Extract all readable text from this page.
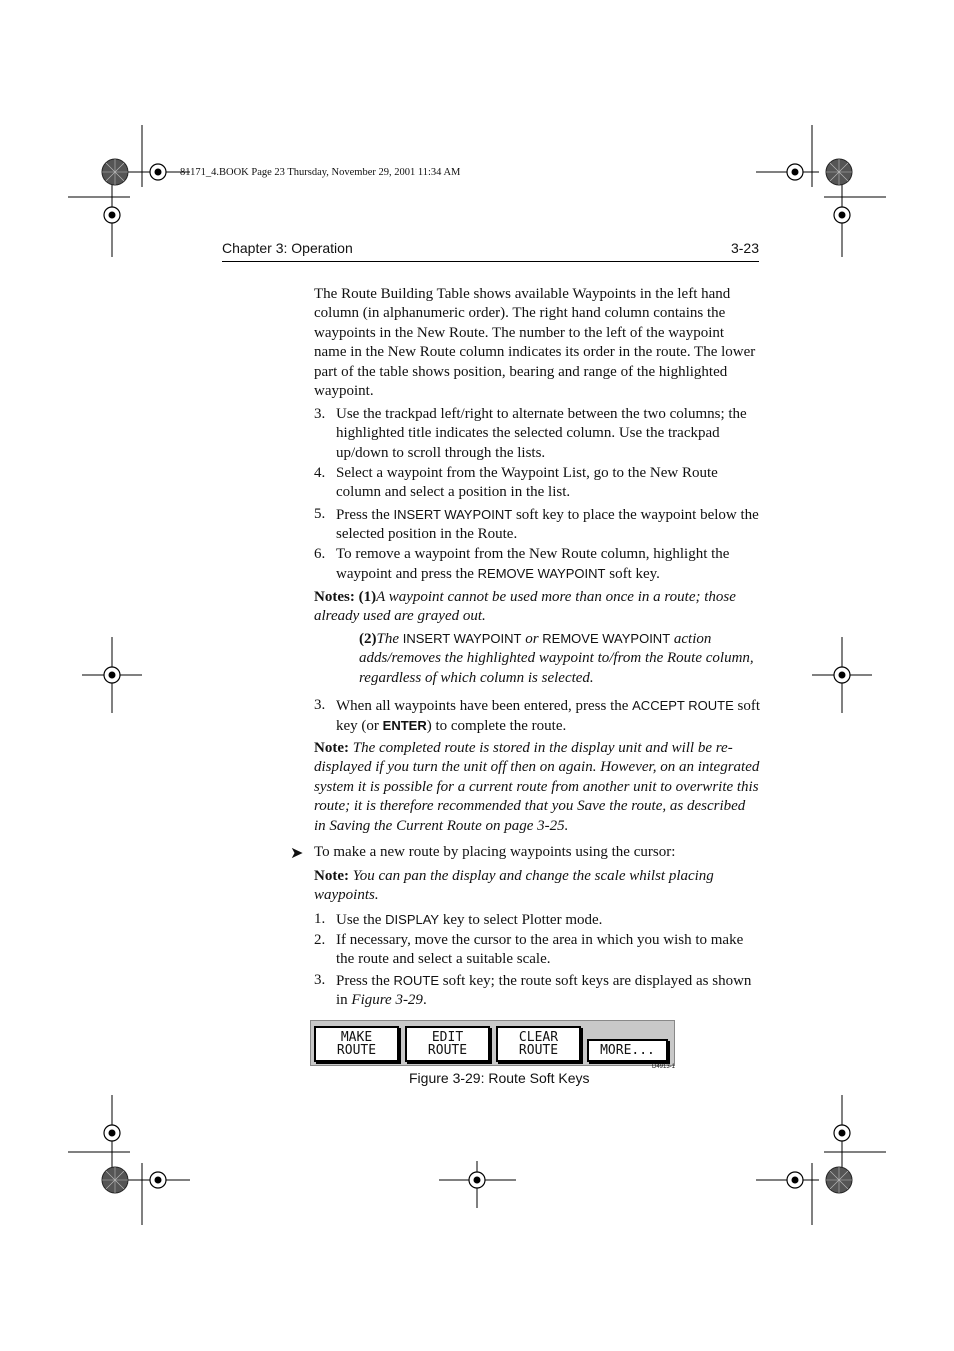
81171_4.BOOK Page 23 Thursday, November 29, 2001 11:34 AM
Chapter 3: Operation	3-23

The Route Building Table shows available Waypoints in the left hand column (in alphanumeric order). The right hand column contains the waypoints in the New Route. The number to the left of the waypoint name in the New Route column indicates its order in the route. The lower part of the table shows position, bearing and range of the highlighted waypoint.

3. Use the trackpad left/right to alternate between the two columns; the highlighted title indicates the selected column. Use the trackpad up/down to scroll through the lists.
4. Select a waypoint from the Waypoint List, go to the New Route column and select a position in the list.
5. Press the INSERT WAYPOINT soft key to place the waypoint below the selected position in the Route.
6. To remove a waypoint from the New Route column, highlight the waypoint and press the REMOVE WAYPOINT soft key.
Notes: (1)A waypoint cannot be used more than once in a route; those already used are grayed out.
(2)The INSERT WAYPOINT or REMOVE WAYPOINT action adds/removes the highlighted waypoint to/from the Route column, regardless of which column is selected.
3. When all waypoints have been entered, press the ACCEPT ROUTE soft key (or ENTER) to complete the route.
Note: The completed route is stored in the display unit and will be re-displayed if you turn the unit off then on again. However, on an integrated system it is possible for a current route from another unit to overwrite this route; it is therefore recommended that you Save the route, as described in Saving the Current Route on page 3-25.
➤ To make a new route by placing waypoints using the cursor:
Note: You can pan the display and change the scale whilst placing waypoints.
1. Use the DISPLAY key to select Plotter mode.
2. If necessary, move the cursor to the area in which you wish to make the route and select a suitable scale.
3. Press the ROUTE soft key; the route soft keys are displayed as shown in Figure 3-29.
MAKE
ROUTE
EDIT
ROUTE
CLEAR
ROUTE	MORE...
D4913-1
Figure 3-29: Route Soft Keys
